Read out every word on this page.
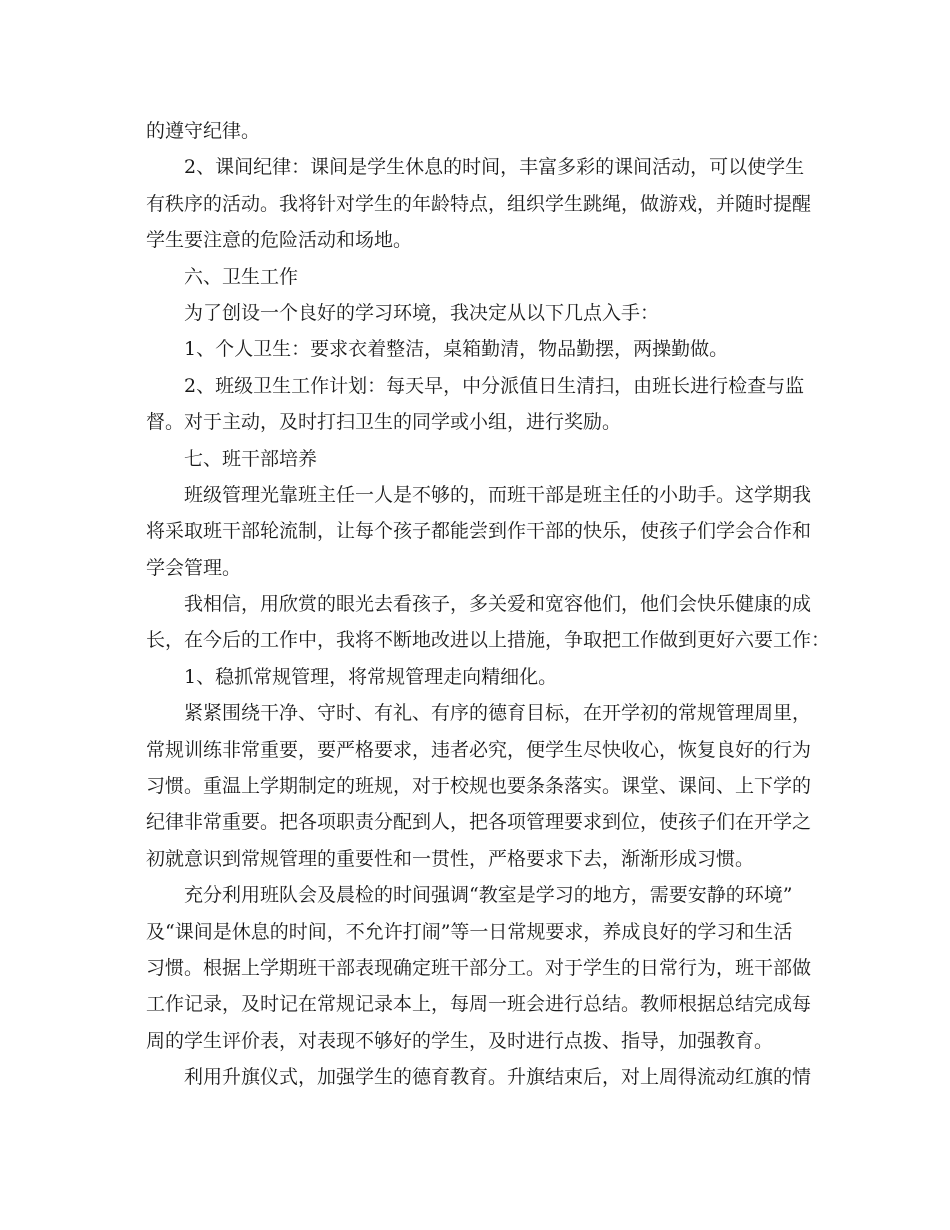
的遵守纪律。
2、课间纪律：课间是学生休息的时间，丰富多彩的课间活动，可以使学生
有秩序的活动。我将针对学生的年龄特点，组织学生跳绳，做游戏，并随时提醒
学生要注意的危险活动和场地。
六、卫生工作
为了创设一个良好的学习环境，我决定从以下几点入手：
1、个人卫生：要求衣着整洁，桌箱勤清，物品勤摆，两操勤做。
2、班级卫生工作计划：每天早，中分派值日生清扫，由班长进行检查与监
督。对于主动，及时打扫卫生的同学或小组，进行奖励。
七、班干部培养
班级管理光靠班主任一人是不够的，而班干部是班主任的小助手。这学期我
将采取班干部轮流制，让每个孩子都能尝到作干部的快乐，使孩子们学会合作和
学会管理。
我相信，用欣赏的眼光去看孩子，多关爱和宽容他们，他们会快乐健康的成
长，在今后的工作中，我将不断地改进以上措施，争取把工作做到更好六要工作：
1、稳抓常规管理，将常规管理走向精细化。
紧紧围绕干净、守时、有礼、有序的德育目标，在开学初的常规管理周里，
常规训练非常重要，要严格要求，违者必究，便学生尽快收心，恢复良好的行为
习惯。重温上学期制定的班规，对于校规也要条条落实。课堂、课间、上下学的
纪律非常重要。把各项职责分配到人，把各项管理要求到位，使孩子们在开学之
初就意识到常规管理的重要性和一贯性，严格要求下去，渐渐形成习惯。
充分利用班队会及晨检的时间强调“教室是学习的地方，需要安静的环境”
及“课间是休息的时间，不允许打闹”等一日常规要求，养成良好的学习和生活
习惯。根据上学期班干部表现确定班干部分工。对于学生的日常行为，班干部做
工作记录，及时记在常规记录本上，每周一班会进行总结。教师根据总结完成每
周的学生评价表，对表现不够好的学生，及时进行点拨、指导，加强教育。
利用升旗仪式，加强学生的德育教育。升旗结束后，对上周得流动红旗的情
